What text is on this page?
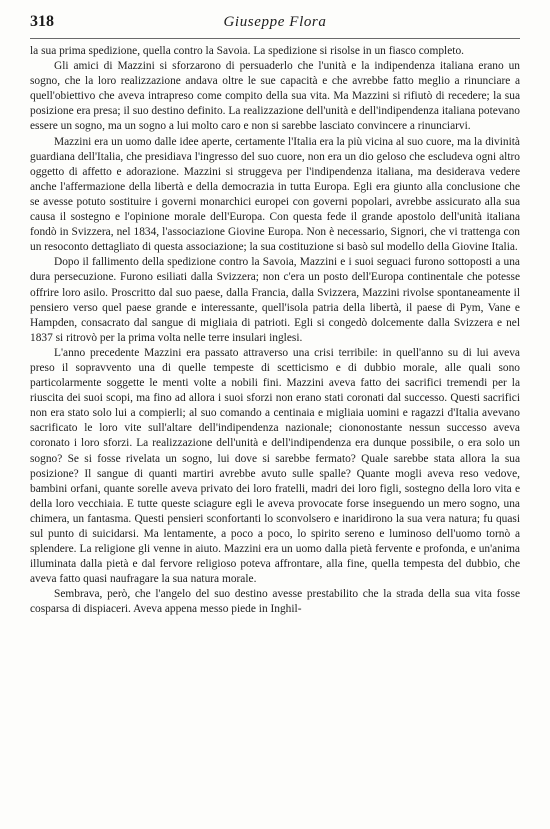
318	Giuseppe Flora

la sua prima spedizione, quella contro la Savoia. La spedizione si risolse in un fiasco completo.

Gli amici di Mazzini si sforzarono di persuaderlo che l'unità e la indipendenza italiana erano un sogno, che la loro realizzazione andava oltre le sue capacità e che avrebbe fatto meglio a rinunciare a quell'obiettivo che aveva intrapreso come compito della sua vita. Ma Mazzini si rifiutò di recedere; la sua posizione era presa; il suo destino definito. La realizzazione dell'unità e dell'indipendenza italiana potevano essere un sogno, ma un sogno a lui molto caro e non si sarebbe lasciato convincere a rinunciarvi.

Mazzini era un uomo dalle idee aperte, certamente l'Italia era la più vicina al suo cuore, ma la divinità guardiana dell'Italia, che presidiava l'ingresso del suo cuore, non era un dio geloso che escludeva ogni altro oggetto di affetto e adorazione. Mazzini si struggeva per l'indipendenza italiana, ma desiderava vedere anche l'affermazione della libertà e della democrazia in tutta Europa. Egli era giunto alla conclusione che se avesse potuto sostituire i governi monarchici europei con governi popolari, avrebbe assicurato alla sua causa il sostegno e l'opinione morale dell'Europa. Con questa fede il grande apostolo dell'unità italiana fondò in Svizzera, nel 1834, l'associazione Giovine Europa. Non è necessario, Signori, che vi trattenga con un resoconto dettagliato di questa associazione; la sua costituzione si basò sul modello della Giovine Italia.

Dopo il fallimento della spedizione contro la Savoia, Mazzini e i suoi seguaci furono sottoposti a una dura persecuzione. Furono esiliati dalla Svizzera; non c'era un posto dell'Europa continentale che potesse offrire loro asilo. Proscritto dal suo paese, dalla Francia, dalla Svizzera, Mazzini rivolse spontaneamente il pensiero verso quel paese grande e interessante, quell'isola patria della libertà, il paese di Pym, Vane e Hampden, consacrato dal sangue di migliaia di patrioti. Egli si congedò dolcemente dalla Svizzera e nel 1837 si ritrovò per la prima volta nelle terre insulari inglesi.

L'anno precedente Mazzini era passato attraverso una crisi terribile: in quell'anno su di lui aveva preso il sopravvento una di quelle tempeste di scetticismo e di dubbio morale, alle quali sono particolarmente soggette le menti volte a nobili fini. Mazzini aveva fatto dei sacrifici tremendi per la riuscita dei suoi scopi, ma fino ad allora i suoi sforzi non erano stati coronati dal successo. Questi sacrifici non era stato solo lui a compierli; al suo comando a centinaia e migliaia uomini e ragazzi d'Italia avevano sacrificato le loro vite sull'altare dell'indipendenza nazionale; ciononostante nessun successo aveva coronato i loro sforzi. La realizzazione dell'unità e dell'indipendenza era dunque possibile, o era solo un sogno? Se si fosse rivelata un sogno, lui dove si sarebbe fermato? Quale sarebbe stata allora la sua posizione? Il sangue di quanti martiri avrebbe avuto sulle spalle? Quante mogli aveva reso vedove, bambini orfani, quante sorelle aveva privato dei loro fratelli, madri dei loro figli, sostegno della loro vita e della loro vecchiaia. E tutte queste sciagure egli le aveva provocate forse inseguendo un mero sogno, una chimera, un fantasma. Questi pensieri sconfortanti lo sconvolsero e inaridirono la sua vera natura; fu quasi sul punto di suicidarsi. Ma lentamente, a poco a poco, lo spirito sereno e luminoso dell'uomo tornò a splendere. La religione gli venne in aiuto. Mazzini era un uomo dalla pietà fervente e profonda, e un'anima illuminata dalla pietà e dal fervore religioso poteva affrontare, alla fine, quella tempesta del dubbio, che aveva fatto quasi naufragare la sua natura morale.

Sembrava, però, che l'angelo del suo destino avesse prestabilito che la strada della sua vita fosse cosparsa di dispiaceri. Aveva appena messo piede in Inghil-
